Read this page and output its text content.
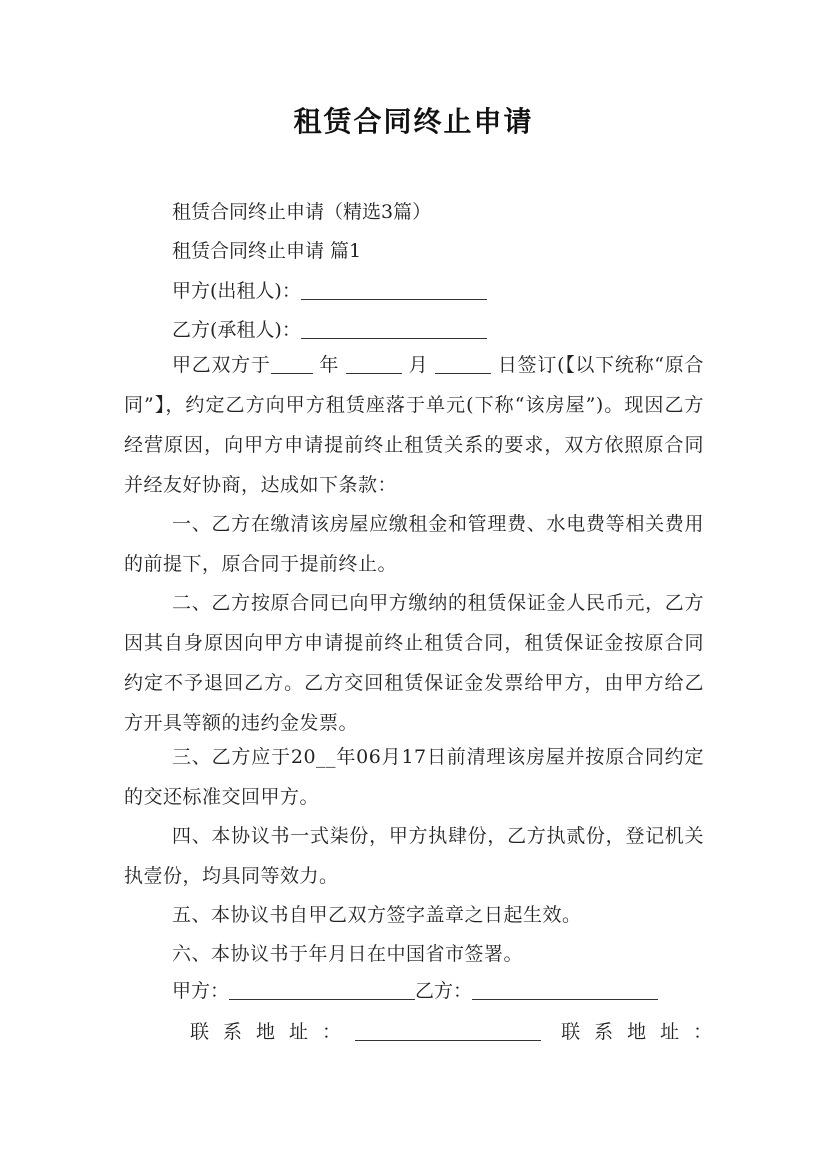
租赁合同终止申请
租赁合同终止申请（精选3篇）
租赁合同终止申请 篇1
甲方(出租人)：
乙方(承租人)：
甲乙双方于	年	月	日签订(【以下统称“原合同”】，约定乙方向甲方租赁座落于单元(下称“该房屋”)。现因乙方经营原因，向甲方申请提前终止租赁关系的要求，双方依照原合同并经友好协商，达成如下条款：
一、乙方在缴清该房屋应缴租金和管理费、水电费等相关费用的前提下，原合同于提前终止。
二、乙方按原合同已向甲方缴纳的租赁保证金人民币元，乙方因其自身原因向甲方申请提前终止租赁合同，租赁保证金按原合同约定不予退回乙方。乙方交回租赁保证金发票给甲方，由甲方给乙方开具等额的违约金发票。
三、乙方应于20__年06月17日前清理该房屋并按原合同约定的交还标准交回甲方。
四、本协议书一式柒份，甲方执肆份，乙方执贰份，登记机关执壹份，均具同等效力。
五、本协议书自甲乙双方签字盖章之日起生效。
六、本协议书于年月日在中国省市签署。
甲方：	乙方：
联系地址：	联系地址：
